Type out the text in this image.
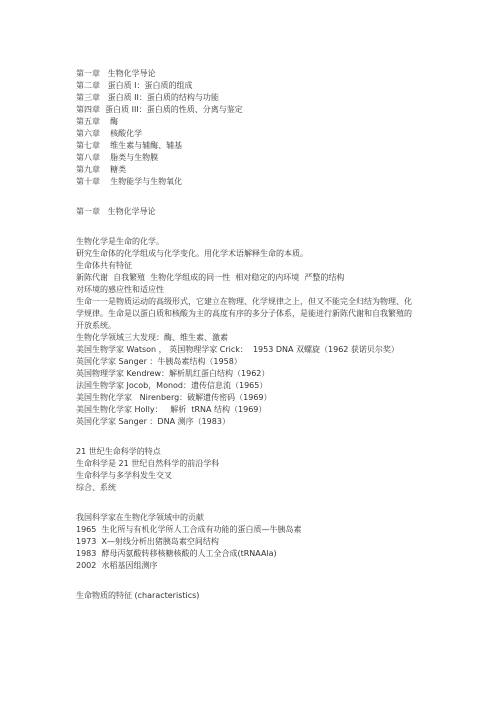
第一章   生物化学导论
第二章   蛋白质 I：蛋白质的组成
第三章   蛋白质 II：蛋白质的结构与功能
第四章  蛋白质 III：蛋白质的性质、分离与鉴定
第五章    酶
第六章    核酸化学
第七章    维生素与辅酶、辅基
第八章    脂类与生物膜
第九章    糖类
第十章    生物能学与生物氧化
第一章   生物化学导论
生物化学是生命的化学。
研究生命体的化学组成与化学变化。用化学术语解释生命的本质。
生命体共有特征
新陈代谢  自我繁殖  生物化学组成的同一性  相对稳定的内环境  严整的结构
对环境的感应性和适应性
生命一一是物质运动的高级形式，它建立在物理、化学规律之上，但又不能完全归结为物理、化学规律。生命是以蛋白质和核酸为主的高度有序的多分子体系，是能进行新陈代谢和自我繁殖的开放系统。
生物化学领域三大发现：酶、维生素、激素
美国生物学家 Watson ， 英国物理学家 Crick：  1953 DNA 双螺旋（1962 获诺贝尔奖）
英国化学家 Sanger ：牛胰岛素结构（1958）
英国物理学家 Kendrew：解析肌红蛋白结构（1962）
法国生物学家 Jocob，Monod：遗传信息流（1965）
美国生物化学家   Nirenberg：破解遗传密码（1969）
美国生物化学家 Holly：   解析  tRNA 结构（1969）
英国化学家 Sanger ：DNA 测序（1983）
21 世纪生命科学的特点
生命科学是 21 世纪自然科学的前沿学科
生命科学与多学科发生交叉
综合、系统
我国科学家在生物化学领域中的贡献
1965  生化所与有机化学所人工合成有功能的蛋白质—牛胰岛素
1973  X—射线分析出猪胰岛素空间结构
1983  酵母丙氨酸转移核糖核酸的人工全合成(tRNAAla)
2002  水稻基因组测序
生命物质的特征 (characteristics)
